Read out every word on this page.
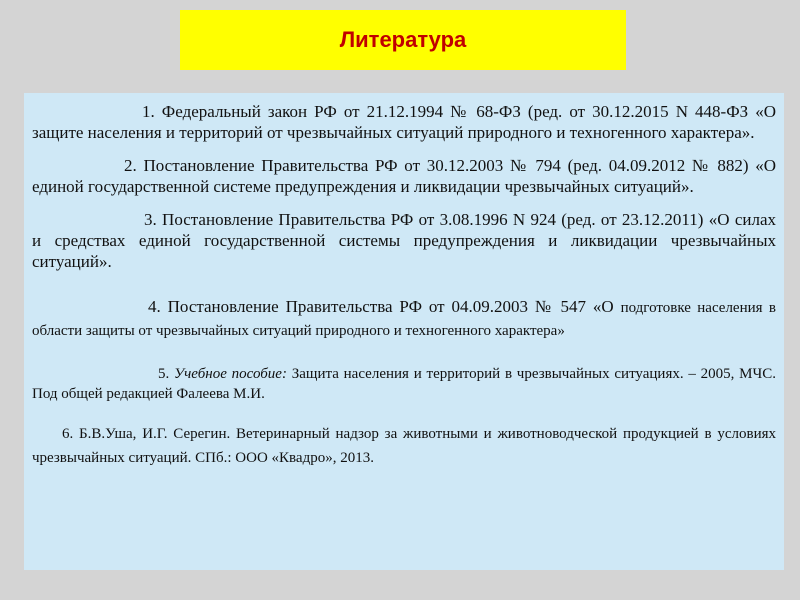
Литература

1. Федеральный закон РФ от 21.12.1994 № 68-ФЗ (ред. от 30.12.2015 N 448-ФЗ «О защите населения и территорий от чрезвычайных ситуаций природного и техногенного характера».

2. Постановление Правительства РФ от 30.12.2003 № 794 (ред. 04.09.2012 № 882) «О единой государственной системе предупреждения и ликвидации чрезвычайных ситуаций».

3. Постановление Правительства РФ от 3.08.1996 N 924 (ред. от 23.12.2011) «О силах и средствах единой государственной системы предупреждения и ликвидации чрезвычайных ситуаций».

4. Постановление Правительства РФ от 04.09.2003 № 547 «О подготовке населения в области защиты от чрезвычайных ситуаций природного и техногенного характера»

5. Учебное пособие: Защита населения и территорий в чрезвычайных ситуациях. – 2005, МЧС. Под общей редакцией Фалеева М.И.

6. Б.В.Уша, И.Г. Серегин. Ветеринарный надзор за животными и животноводческой продукцией в условиях чрезвычайных ситуаций. СПб.: ООО «Квадро», 2013.
